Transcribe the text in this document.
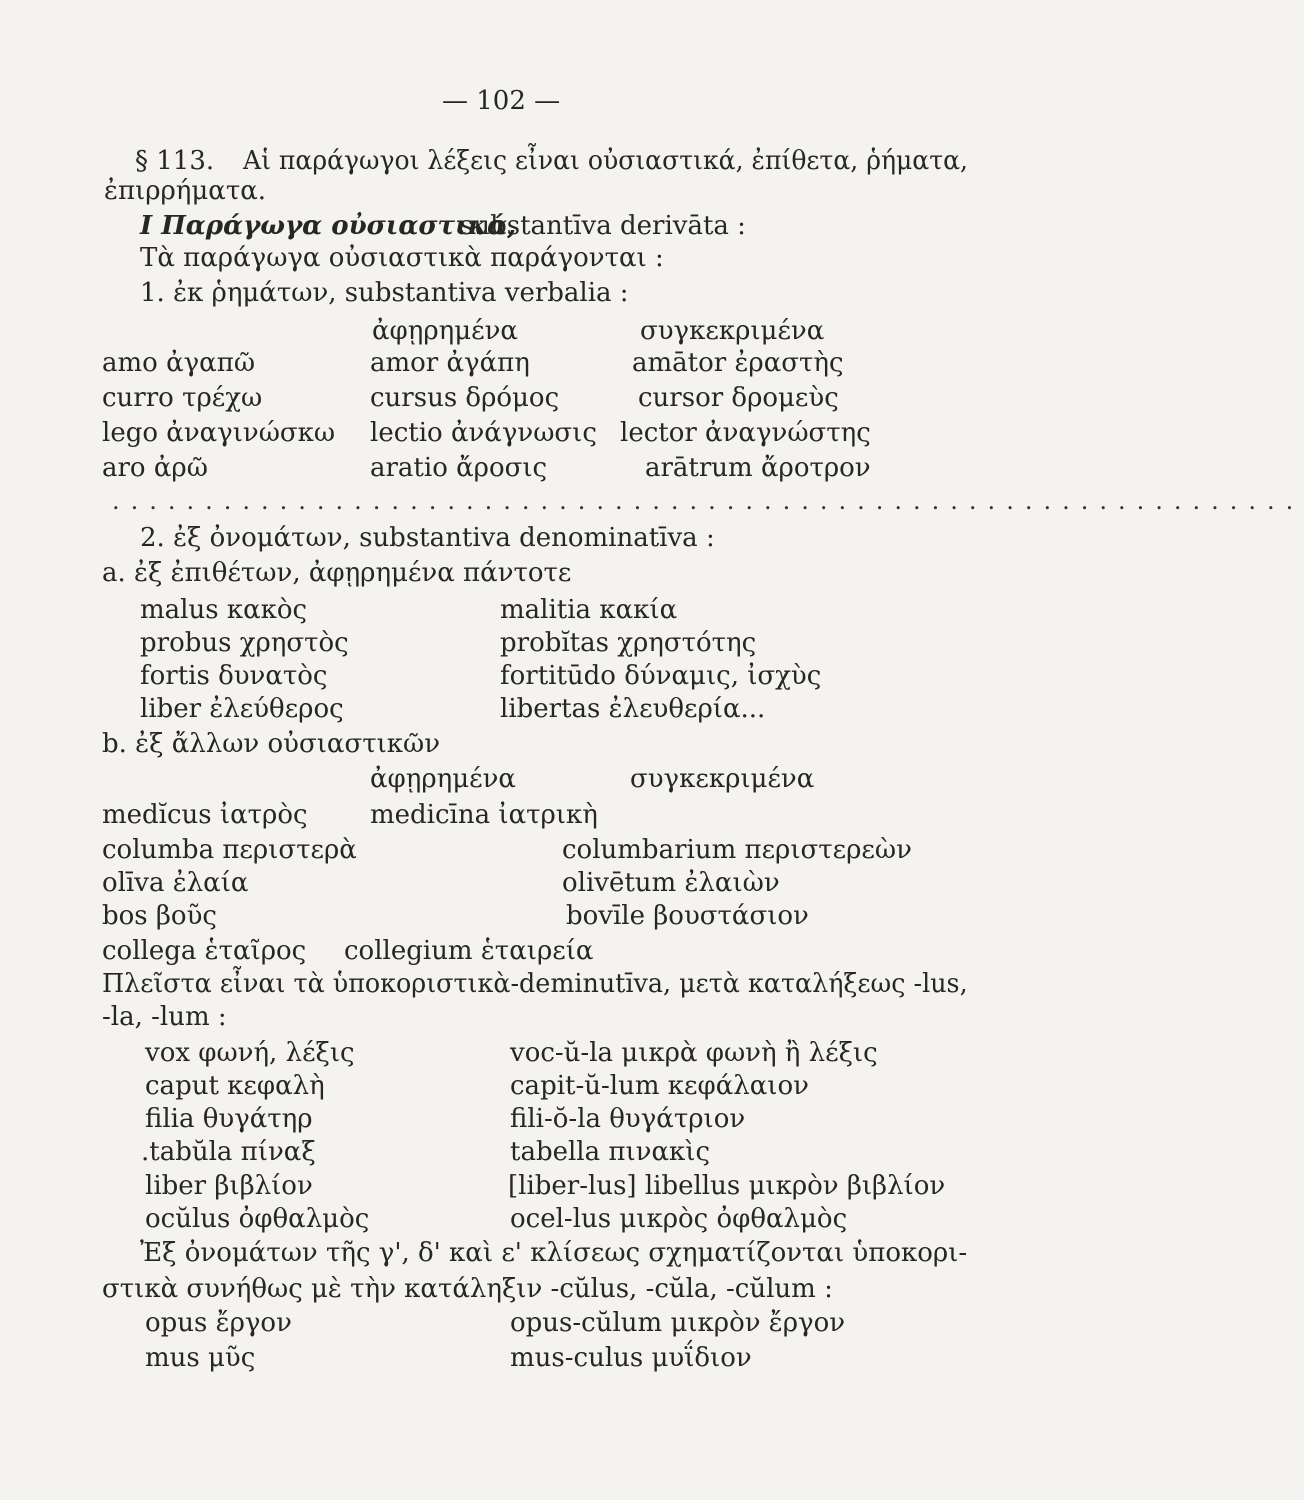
— 102 —
§ 113. Αἱ παράγωγοι λέξεις εἶναι οὐσιαστικά, ἐπίθετα, ῥήματα,
ἐπιρρήματα.
Ι Παράγωγα οὐσιαστικά,
substantīva derivāta :
Τὰ παράγωγα οὐσιαστικὰ παράγονται :
1. ἐκ ῥημάτων, substantiva verbalia :
ἀφῃρημένα	συγκεκριμένα
amo ἀγαπῶ	amor ἀγάπη	amātor ἐραστὴς
curro τρέχω	cursus δρόμος	cursor δρομεὺς
lego ἀναγινώσκω lectio ἀνάγνωσις lector ἀναγνώστης
aro ἀρῶ	aratio ἄροσις	arātrum ἄροτρον
................................................................
2. ἐξ ὀνομάτων, substantiva denominatīva :
a. ἐξ ἐπιθέτων, ἀφῃρημένα πάντοτε
malus κακὸς	malitia κακία
probus χρηστὸς	probĭtas χρηστότης
fortis δυνατὸς	fortitūdo δύναμις, ἰσχὺς
liber ἐλεύθερος	libertas ἐλευθερία...
b. ἐξ ἄλλων οὐσιαστικῶν
ἀφῃρημένα	συγκεκριμένα
medĭcus ἰατρὸς medicīna ἰατρικὴ
columba περιστερὰ	columbarium περιστερεὼν
olīva ἐλαία	olivētum ἐλαιὼν
bos βοῦς	bovīle βουστάσιον
collega ἑταῖρος collegium ἑταιρεία
Πλεῖστα εἶναι τὰ ὑποκοριστικὰ-deminutīva, μετὰ καταλήξεως -lus,
-la, -lum :
vox φωνή, λέξις	voc-ŭ-la μικρὰ φωνὴ ἢ λέξις
caput κεφαλὴ	capit-ŭ-lum κεφάλαιον
filia θυγάτηρ	fili-ŏ-la θυγάτριον
.tabŭla πίναξ	tabella πινακὶς
liber βιβλίον	[liber-lus] libellus μικρὸν βιβλίον
ocŭlus ὀφθαλμὸς	ocel-lus μικρὸς ὀφθαλμὸς
Ἐξ ὀνομάτων τῆς γ', δ' καὶ ε' κλίσεως σχηματίζονται ὑποκορι-
στικὰ συνήθως μὲ τὴν κατάληξιν -cŭlus, -cŭla, -cŭlum :
opus ἔργον	opus-cŭlum μικρὸν ἔργον
mus μῦς	mus-culus μυΐδιον
